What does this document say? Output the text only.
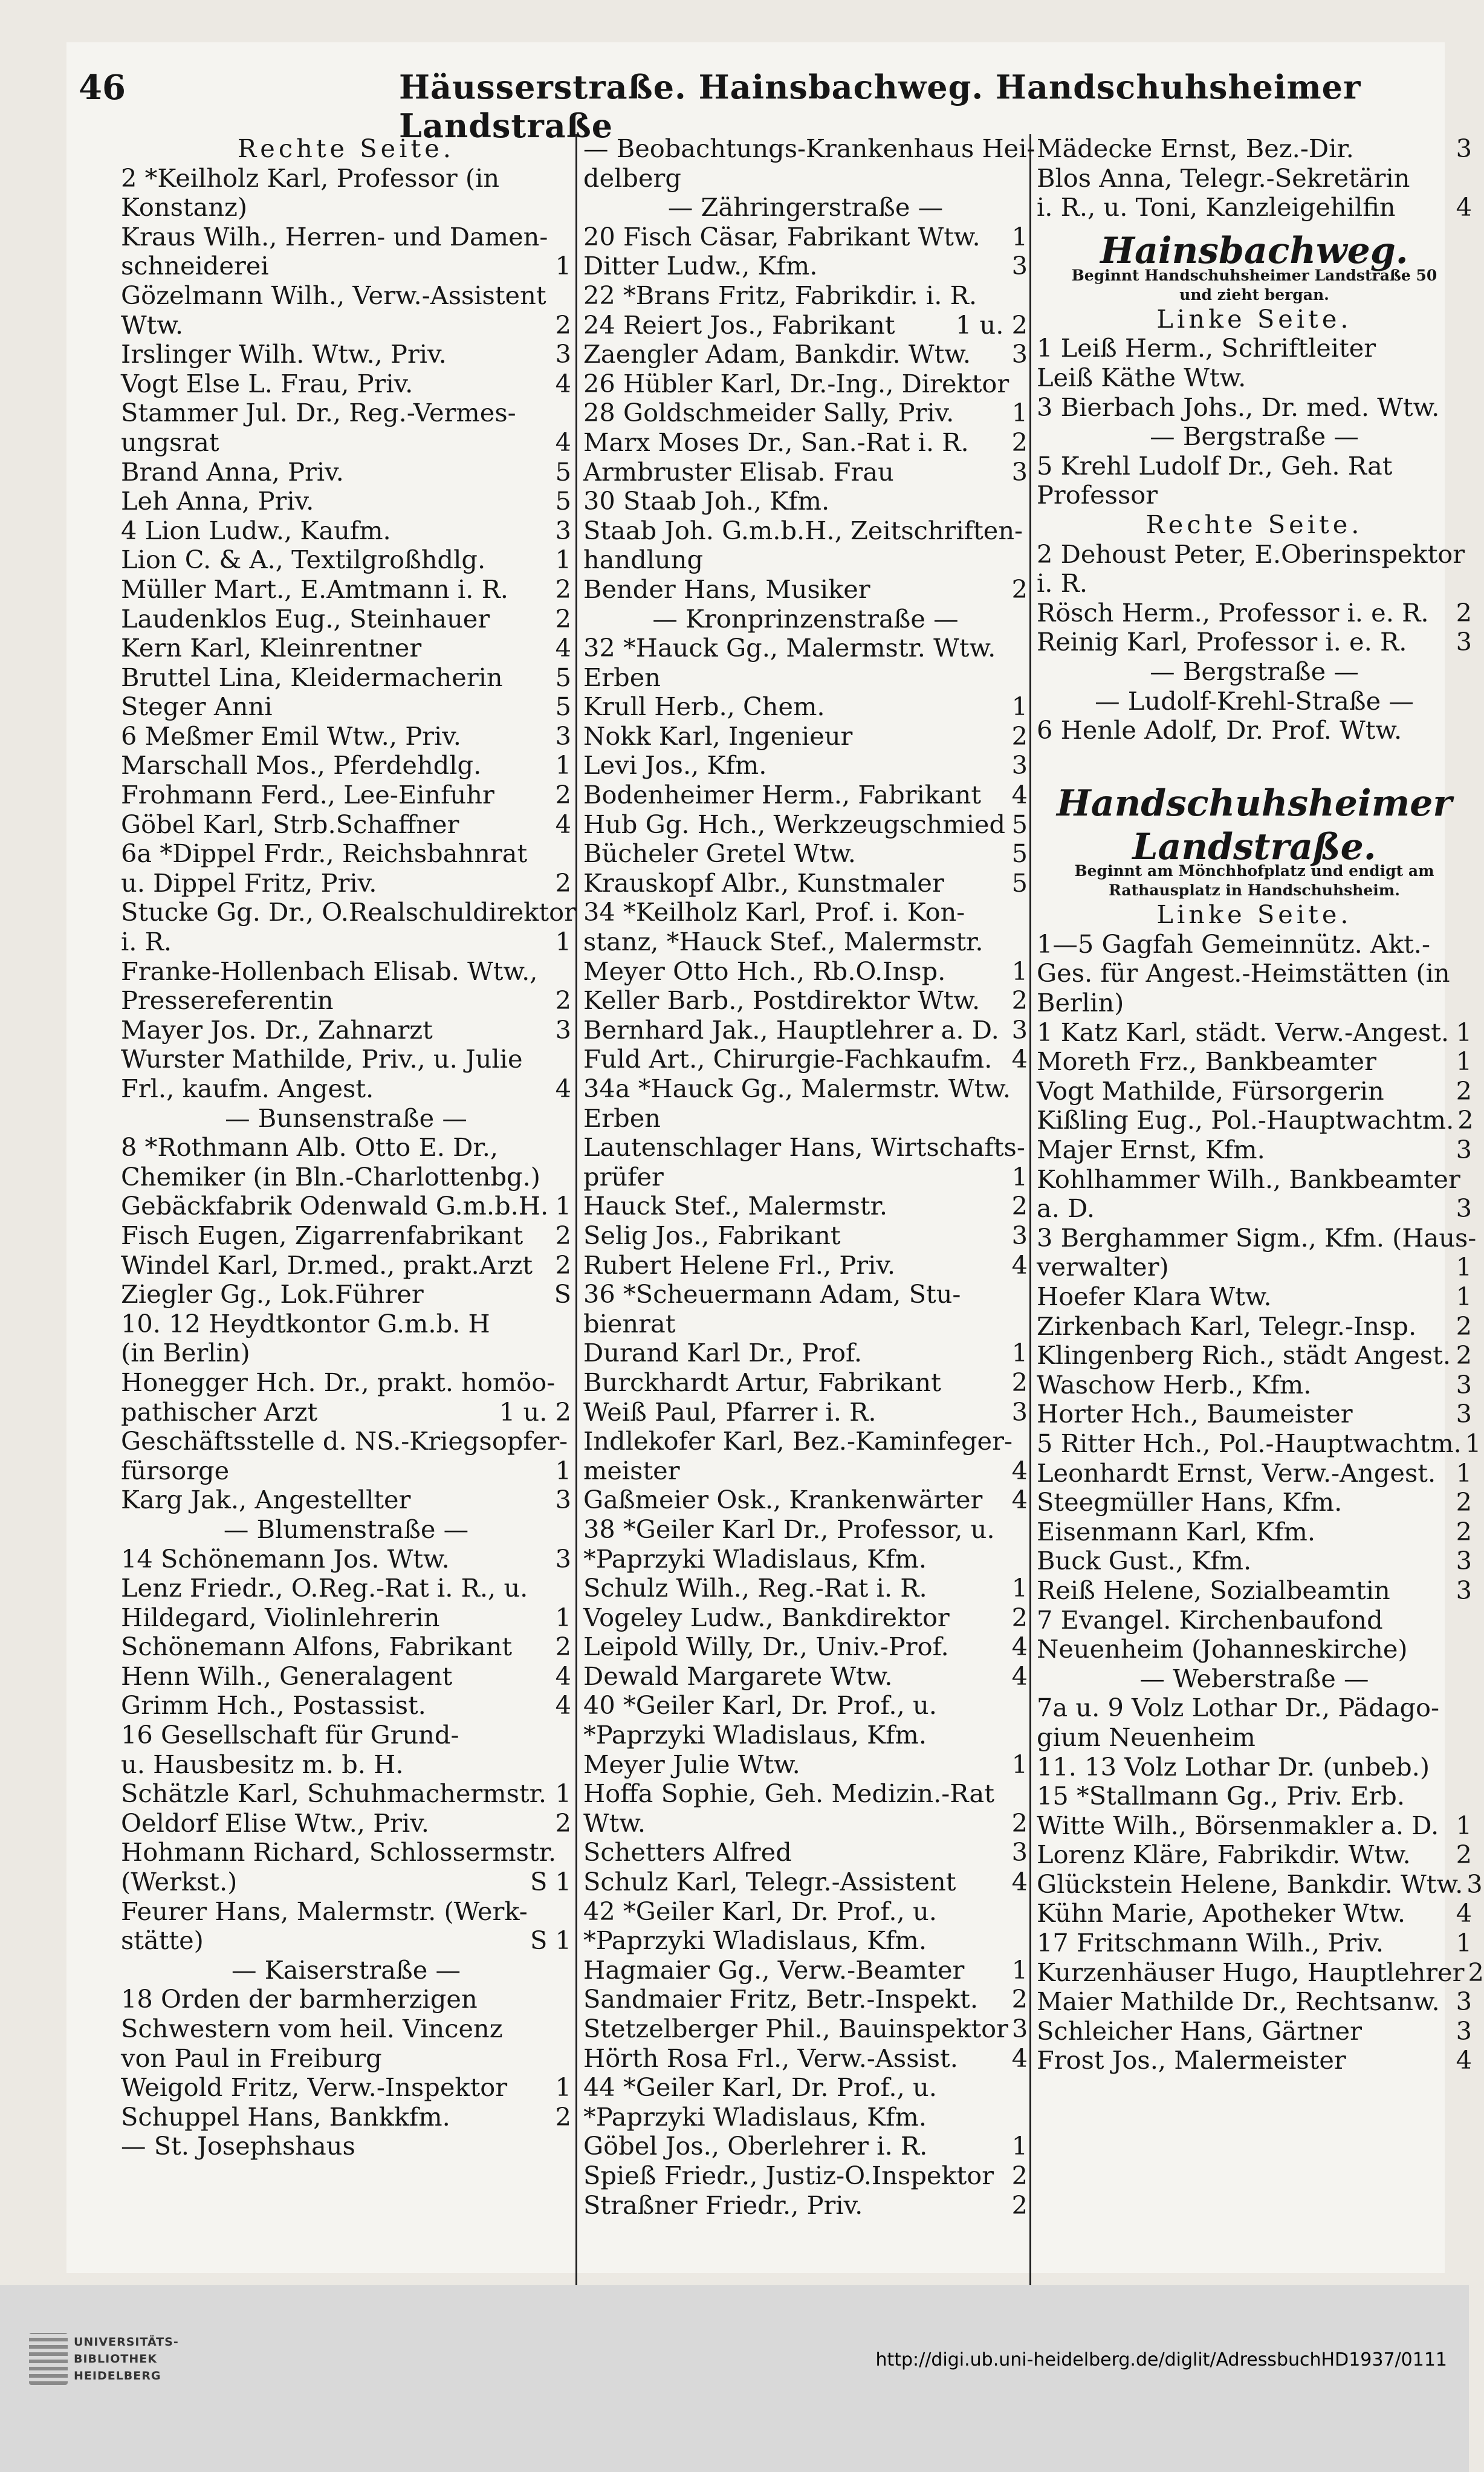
46	Häusserstraße. Hainsbachweg. Handschuhsheimer Landstraße
Rechte Seite.
2 *Keilholz Karl, Professor (in
Konstanz)
Kraus Wilh., Herren- und Damen-
schneiderei	1
Gözelmann Wilh., Verw.-Assistent
Wtw.	2
Irslinger Wilh. Wtw., Priv.	3
Vogt Else L. Frau, Priv.	4
Stammer Jul. Dr., Reg.-Vermes-
ungsrat	4
Brand Anna, Priv.	5
Leh Anna, Priv.	5
4 Lion Ludw., Kaufm.	3
Lion C. & A., Textilgroßhdlg.	1
Müller Mart., E.Amtmann i. R.	2
Laudenklos Eug., Steinhauer	2
Kern Karl, Kleinrentner	4
Bruttel Lina, Kleidermacherin	5
Steger Anni	5
6 Meßmer Emil Wtw., Priv.	3
Marschall Mos., Pferdehdlg.	1
Frohmann Ferd., Lee-Einfuhr	2
Göbel Karl, Strb.Schaffner	4
6a *Dippel Frdr., Reichsbahnrat
u. Dippel Fritz, Priv.	2
Stucke Gg. Dr., O.Realschuldirektor
i. R.	1
Franke-Hollenbach Elisab. Wtw.,
Pressereferentin	2
Mayer Jos. Dr., Zahnarzt	3
Wurster Mathilde, Priv., u. Julie
Frl., kaufm. Angest.	4
— Bunsenstraße —
8 *Rothmann Alb. Otto E. Dr.,
Chemiker (in Bln.-Charlottenbg.)
Gebäckfabrik Odenwald G.m.b.H. 1
Fisch Eugen, Zigarrenfabrikant	2
Windel Karl, Dr.med., prakt.Arzt 2
Ziegler Gg., Lok.Führer	S
10. 12 Heydtkontor G.m.b. H
(in Berlin)
Honegger Hch. Dr., prakt. homöo-
pathischer Arzt	1 u. 2
Geschäftsstelle d. NS.-Kriegsopfer-
fürsorge	1
Karg Jak., Angestellter	3
— Blumenstraße —
14 Schönemann Jos. Wtw.	3
Lenz Friedr., O.Reg.-Rat i. R., u.
Hildegard, Violinlehrerin	1
Schönemann Alfons, Fabrikant	2
Henn Wilh., Generalagent	4
Grimm Hch., Postassist.	4
16 Gesellschaft für Grund-
u. Hausbesitz m. b. H.
Schätzle Karl, Schuhmachermstr. 1
Oeldorf Elise Wtw., Priv.	2
Hohmann Richard, Schlossermstr.
(Werkst.)	S 1
Feurer Hans, Malermstr. (Werk-
stätte)	S 1
— Kaiserstraße —
18 Orden der barmherzigen
Schwestern vom heil. Vincenz
von Paul in Freiburg
Weigold Fritz, Verw.-Inspektor	1
Schuppel Hans, Bankkfm.	2
— St. Josephshaus
— Beobachtungs-Krankenhaus Hei-
delberg
— Zähringerstraße —
20 Fisch Cäsar, Fabrikant Wtw.	1
Ditter Ludw., Kfm.	3
22 *Brans Fritz, Fabrikdir. i. R.
24 Reiert Jos., Fabrikant	1 u. 2
Zaengler Adam, Bankdir. Wtw.	3
26 Hübler Karl, Dr.-Ing., Direktor
28 Goldschmeider Sally, Priv.	1
Marx Moses Dr., San.-Rat i. R.	2
Armbruster Elisab. Frau	3
30 Staab Joh., Kfm.
Staab Joh. G.m.b.H., Zeitschriften-
handlung
Bender Hans, Musiker	2
— Kronprinzenstraße —
32 *Hauck Gg., Malermstr. Wtw.
Erben
Krull Herb., Chem.	1
Nokk Karl, Ingenieur	2
Levi Jos., Kfm.	3
Bodenheimer Herm., Fabrikant	4
Hub Gg. Hch., Werkzeugschmied 5
Bücheler Gretel Wtw.	5
Krauskopf Albr., Kunstmaler	5
34 *Keilholz Karl, Prof. i. Kon-
stanz, *Hauck Stef., Malermstr.
Meyer Otto Hch., Rb.O.Insp.	1
Keller Barb., Postdirektor Wtw.	2
Bernhard Jak., Hauptlehrer a. D. 3
Fuld Art., Chirurgie-Fachkaufm. 4
34a *Hauck Gg., Malermstr. Wtw.
Erben
Lautenschlager Hans, Wirtschafts-
prüfer	1
Hauck Stef., Malermstr.	2
Selig Jos., Fabrikant	3
Rubert Helene Frl., Priv.	4
36 *Scheuermann Adam, Stu-
bienrat
Durand Karl Dr., Prof.	1
Burckhardt Artur, Fabrikant	2
Weiß Paul, Pfarrer i. R.	3
Indlekofer Karl, Bez.-Kaminfeger-
meister	4
Gaßmeier Osk., Krankenwärter	4
38 *Geiler Karl Dr., Professor, u.
*Paprzyki Wladislaus, Kfm.
Schulz Wilh., Reg.-Rat i. R.	1
Vogeley Ludw., Bankdirektor	2
Leipold Willy, Dr., Univ.-Prof.	4
Dewald Margarete Wtw.	4
40 *Geiler Karl, Dr. Prof., u.
*Paprzyki Wladislaus, Kfm.
Meyer Julie Wtw.	1
Hoffa Sophie, Geh. Medizin.-Rat
Wtw.	2
Schetters Alfred	3
Schulz Karl, Telegr.-Assistent	4
42 *Geiler Karl, Dr. Prof., u.
*Paprzyki Wladislaus, Kfm.
Hagmaier Gg., Verw.-Beamter	1
Sandmaier Fritz, Betr.-Inspekt.	2
Stetzelberger Phil., Bauinspektor 3
Hörth Rosa Frl., Verw.-Assist.	4
44 *Geiler Karl, Dr. Prof., u.
*Paprzyki Wladislaus, Kfm.
Göbel Jos., Oberlehrer i. R.	1
Spieß Friedr., Justiz-O.Inspektor 2
Straßner Friedr., Priv.	2
Mädecke Ernst, Bez.-Dir.	3
Blos Anna, Telegr.-Sekretärin
i. R., u. Toni, Kanzleigehilfin	4
Hainsbachweg.
Beginnt Handschuhsheimer Landstraße 50
und zieht bergan.
Linke Seite.
1 Leiß Herm., Schriftleiter
Leiß Käthe Wtw.
3 Bierbach Johs., Dr. med. Wtw.
— Bergstraße —
5 Krehl Ludolf Dr., Geh. Rat
Professor
Rechte Seite.
2 Dehoust Peter, E.Oberinspektor
i. R.
Rösch Herm., Professor i. e. R.	2
Reinig Karl, Professor i. e. R.	3
— Bergstraße —
— Ludolf-Krehl-Straße —
6 Henle Adolf, Dr. Prof. Wtw.
Handschuhsheimer
Landstraße.
Beginnt am Mönchhofplatz und endigt am
Rathausplatz in Handschuhsheim.
Linke Seite.
1—5 Gagfah Gemeinnütz. Akt.-
Ges. für Angest.-Heimstätten (in
Berlin)
1 Katz Karl, städt. Verw.-Angest. 1
Moreth Frz., Bankbeamter	1
Vogt Mathilde, Fürsorgerin	2
Kißling Eug., Pol.-Hauptwachtm. 2
Majer Ernst, Kfm.	3
Kohlhammer Wilh., Bankbeamter
a. D.	3
3 Berghammer Sigm., Kfm. (Haus-
verwalter)	1
Hoefer Klara Wtw.	1
Zirkenbach Karl, Telegr.-Insp.	2
Klingenberg Rich., städt Angest. 2
Waschow Herb., Kfm.	3
Horter Hch., Baumeister	3
5 Ritter Hch., Pol.-Hauptwachtm. 1
Leonhardt Ernst, Verw.-Angest. 1
Steegmüller Hans, Kfm.	2
Eisenmann Karl, Kfm.	2
Buck Gust., Kfm.	3
Reiß Helene, Sozialbeamtin	3
7 Evangel. Kirchenbaufond
Neuenheim (Johanneskirche)
— Weberstraße —
7a u. 9 Volz Lothar Dr., Pädago-
gium Neuenheim
11. 13 Volz Lothar Dr. (unbeb.)
15 *Stallmann Gg., Priv. Erb.
Witte Wilh., Börsenmakler a. D. 1
Lorenz Kläre, Fabrikdir. Wtw.	2
Glückstein Helene, Bankdir. Wtw. 3
Kühn Marie, Apotheker Wtw.	4
17 Fritschmann Wilh., Priv.	1
Kurzenhäuser Hugo, Hauptlehrer 2
Maier Mathilde Dr., Rechtsanw. 3
Schleicher Hans, Gärtner	3
Frost Jos., Malermeister	4
UNIVERSITÄTS-
BIBLIOTHEK
HEIDELBERG
http://digi.ub.uni-heidelberg.de/diglit/AdressbuchHD1937/0111
